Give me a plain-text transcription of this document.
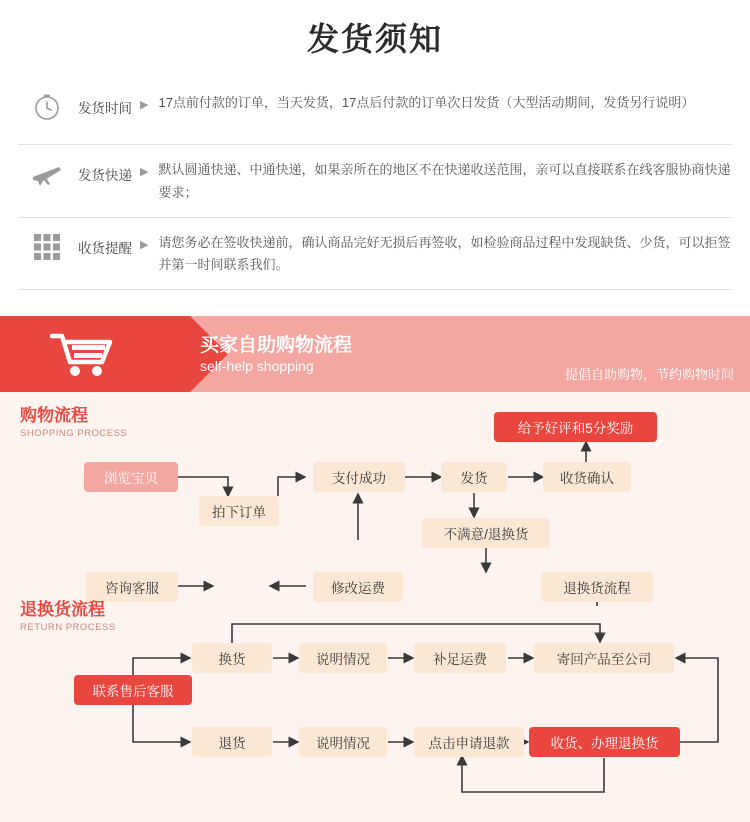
发货须知
发货时间 ▶ 17点前付款的订单，当天发货，17点后付款的订单次日发货（大型活动期间，发货另行说明）
发货快递 ▶ 默认圆通快递、中通快递，如果亲所在的地区不在快递收送范围，亲可以直接联系在线客服协商快递要求；
收货提醒 ▶ 请您务必在签收快递前，确认商品完好无损后再签收，如检验商品过程中发现缺货、少货，可以拒签并第一时间联系我们。
买家自助购物流程
self-help shopping
提倡自助购物，节约购物时间
购物流程
SHOPPING PROCESS
浏览宝贝
拍下订单
咨询客服	修改运费
支付成功	发货	收货确认
给予好评和5分奖励
不满意/退换货
退换货流程
退换货流程
RETURN PROCESS
联系售后客服
换货	说明情况	补足运费	寄回产品至公司
退货	说明情况	点击申请退款	收货、办理退换货
